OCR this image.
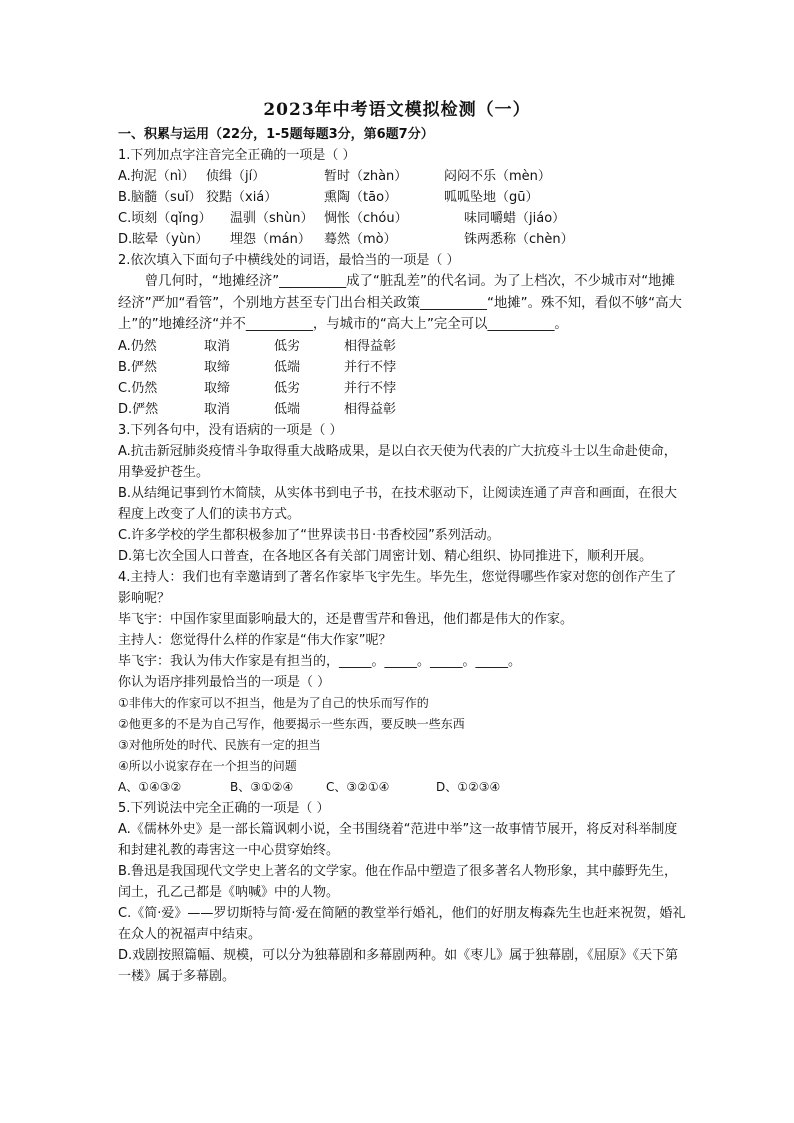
2023年中考语文模拟检测（一）
一、积累与运用（22分，1-5题每题3分，第6题7分）
1.下列加点字注音完全正确的一项是（ ）
A.拘泥（nì） 侦缉（jí）	暂时（zhàn）	闷闷不乐（mèn）
B.脑髓（suǐ） 狡黠（xiá）	熏陶（tāo）	呱呱坠地（gū）
C.顷刻（qǐng）	温驯（shùn） 惆怅（chóu）	味同嚼蜡（jiáo）
D.眩晕（yùn）	埋怨（mán）	蓦然（mò）	铢两悉称（chèn）
2.依次填入下面句子中横线处的词语，最恰当的一项是（ ）
曾几何时，“地摊经济”__________成了“脏乱差”的代名词。为了上档次，不少城市对“地摊经济”严加“看管”，个别地方甚至专门出台相关政策__________“地摊”。殊不知，看似不够“高大上”的”地摊经济“并不__________，与城市的“高大上”完全可以__________。
A.仍然	取消	低劣	相得益彰
B.俨然	取缔	低端	并行不悖
C.仍然	取缔	低劣	并行不悖
D.俨然	取消	低端	相得益彰
3.下列各句中，没有语病的一项是（ ）
A.抗击新冠肺炎疫情斗争取得重大战略成果，是以白衣天使为代表的广大抗疫斗士以生命赴使命，用挚爱护苍生。
B.从结绳记事到竹木简牍，从实体书到电子书，在技术驱动下，让阅读连通了声音和画面，在很大程度上改变了人们的读书方式。
C.许多学校的学生都积极参加了“世界读书日·书香校园”系列活动。
D.第七次全国人口普查，在各地区各有关部门周密计划、精心组织、协同推进下，顺利开展。
4.主持人：我们也有幸邀请到了著名作家毕飞宇先生。毕先生，您觉得哪些作家对您的创作产生了影响呢？
毕飞宇：中国作家里面影响最大的，还是曹雪芹和鲁迅，他们都是伟大的作家。
主持人：您觉得什么样的作家是“伟大作家”呢？
毕飞宇：我认为伟大作家是有担当的，_____。_____。_____。_____。
你认为语序排列最恰当的一项是（ ）
①非伟大的作家可以不担当，他是为了自己的快乐而写作的
②他更多的不是为自己写作，他要揭示一些东西，要反映一些东西
③对他所处的时代、民族有一定的担当
④所以小说家存在一个担当的问题
A、①④③②	B、③①②④	C、③②①④	D、①②③④
5.下列说法中完全正确的一项是（ ）
A.《儒林外史》是一部长篇讽刺小说，全书围绕着“范进中举”这一故事情节展开，将反对科举制度和封建礼教的毒害这一中心贯穿始终。
B.鲁迅是我国现代文学史上著名的文学家。他在作品中塑造了很多著名人物形象，其中藤野先生，闰土，孔乙己都是《呐喊》中的人物。
C.《简·爱》——罗切斯特与简·爱在简陋的教堂举行婚礼，他们的好朋友梅森先生也赶来祝贺，婚礼在众人的祝福声中结束。
D.戏剧按照篇幅、规模，可以分为独幕剧和多幕剧两种。如《枣儿》属于独幕剧，《屈原》《天下第一楼》属于多幕剧。
